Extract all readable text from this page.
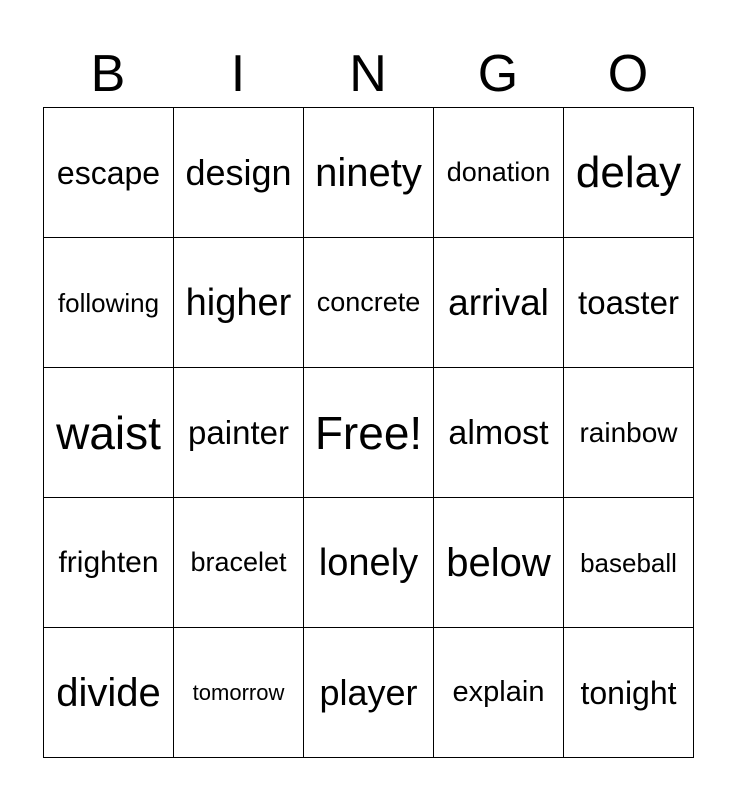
B	I	N	G	O
escape	design	ninety	donation	delay
following	higher	concrete	arrival	toaster
waist	painter	Free!	almost	rainbow
frighten	bracelet	lonely	below	baseball
divide	tomorrow	player	explain	tonight
